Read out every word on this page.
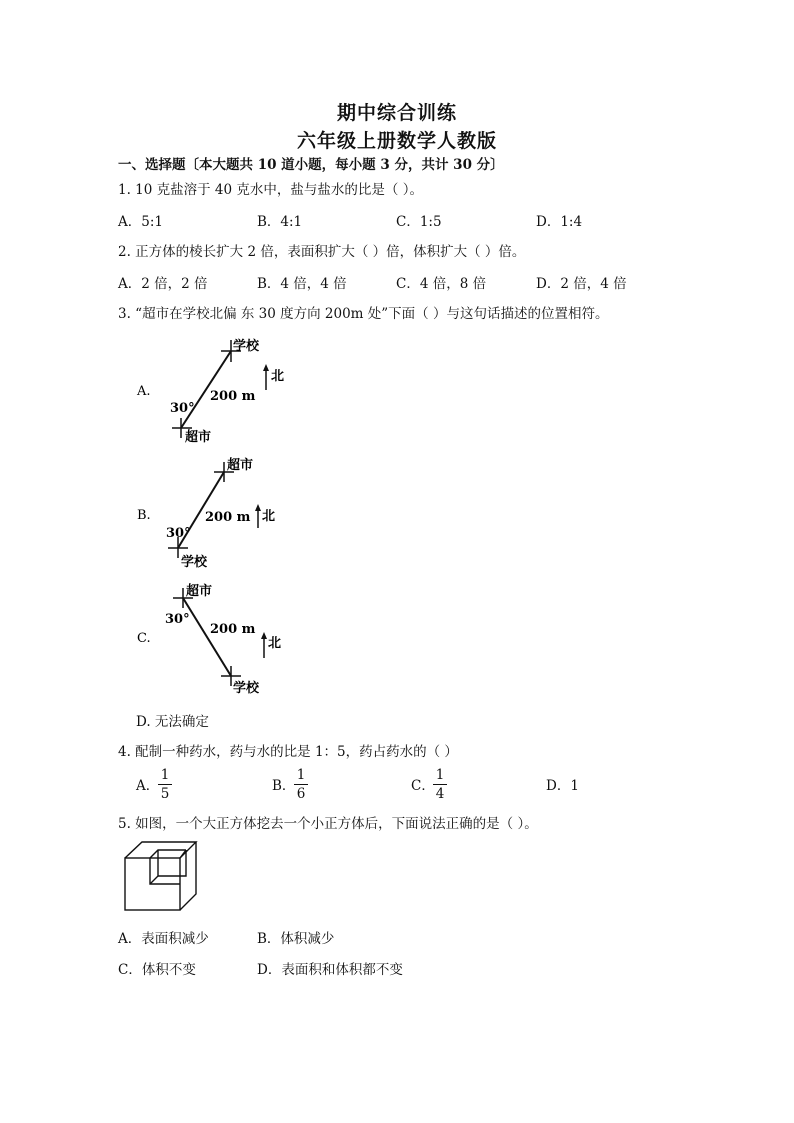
期中综合训练
六年级上册数学人教版
一、选择题〔本大题共 10 道小题，每小题 3 分，共计 30 分〕
1. 10 克盐溶于 40 克水中，盐与盐水的比是（ ）。
A．5:1	B．4:1	C．1:5	D．1:4
2. 正方体的棱长扩大 2 倍，表面积扩大（ ）倍，体积扩大（ ）倍。
A．2 倍，2 倍	B．4 倍，4 倍	C．4 倍，8 倍	D．2 倍，4 倍
3. “超市在学校北偏 东 30 度方向 200m 处”下面（ ）与这句话描述的位置相符。
A.
学校
超市
30°
200 m
北
B.
超市
学校
30°
200 m 北
C.
超市
学校
30°
200 m
北
D. 无法确定
4. 配制一种药水，药与水的比是 1：5，药占药水的（ ）
A．
1
5	B．
1
6	C．
1
4	D．1
5. 如图，一个大正方体挖去一个小正方体后，下面说法正确的是（ ）。
A．表面积减少	B．体积减少
C．体积不变	D．表面积和体积都不变
